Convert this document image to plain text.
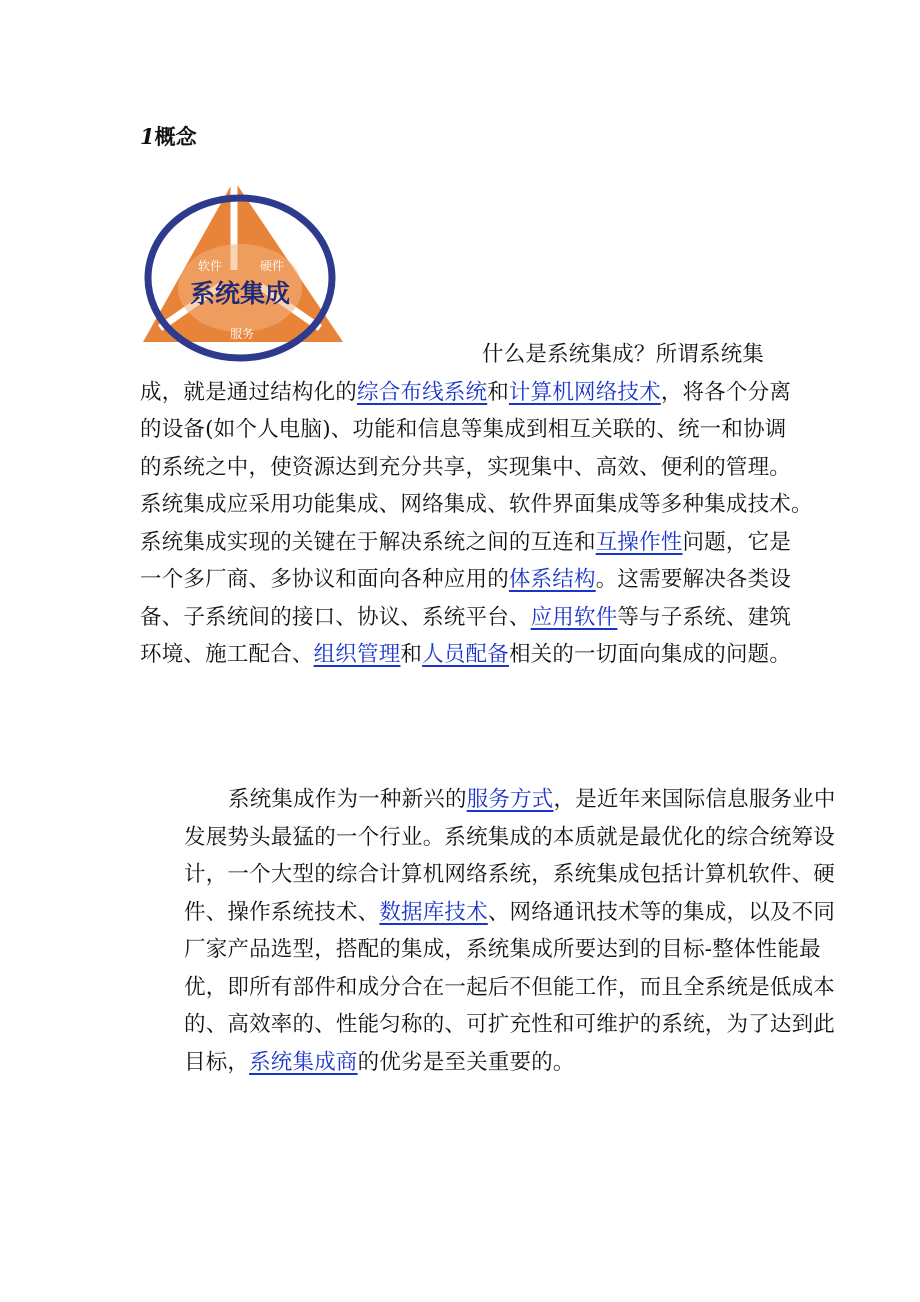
1概念
软件	硬件
系统集成
服务

什么是系统集成？所谓系统集
成，就是通过结构化的综合布线系统和计算机网络技术，将各个分离
的设备(如个人电脑)、功能和信息等集成到相互关联的、统一和协调
的系统之中，使资源达到充分共享，实现集中、高效、便利的管理。
系统集成应采用功能集成、网络集成、软件界面集成等多种集成技术。
系统集成实现的关键在于解决系统之间的互连和互操作性问题，它是
一个多厂商、多协议和面向各种应用的体系结构。这需要解决各类设
备、子系统间的接口、协议、系统平台、应用软件等与子系统、建筑
环境、施工配合、组织管理和人员配备相关的一切面向集成的问题。

系统集成作为一种新兴的服务方式，是近年来国际信息服务业中
发展势头最猛的一个行业。系统集成的本质就是最优化的综合统筹设
计，一个大型的综合计算机网络系统，系统集成包括计算机软件、硬
件、操作系统技术、数据库技术、网络通讯技术等的集成，以及不同
厂家产品选型，搭配的集成，系统集成所要达到的目标-整体性能最
优，即所有部件和成分合在一起后不但能工作，而且全系统是低成本
的、高效率的、性能匀称的、可扩充性和可维护的系统，为了达到此
目标，系统集成商的优劣是至关重要的。
